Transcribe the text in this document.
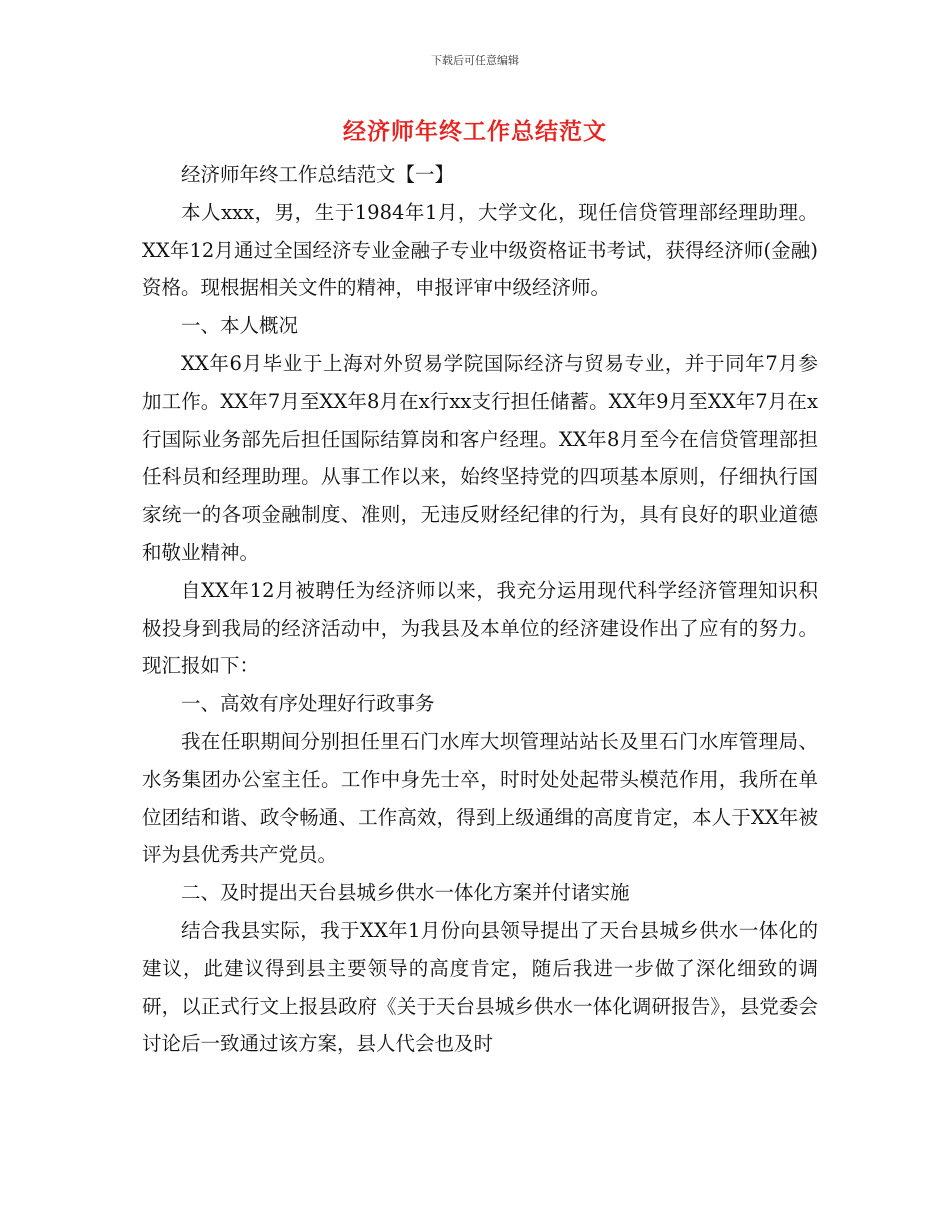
下载后可任意编辑
经济师年终工作总结范文

经济师年终工作总结范文【一】

本人xxx，男，生于1984年1月，大学文化，现任信贷管理部经理助理。XX年12月通过全国经济专业金融子专业中级资格证书考试，获得经济师(金融)资格。现根据相关文件的精神，申报评审中级经济师。

一、本人概况

XX年6月毕业于上海对外贸易学院国际经济与贸易专业，并于同年7月参加工作。XX年7月至XX年8月在x行xx支行担任储蓄。XX年9月至XX年7月在x行国际业务部先后担任国际结算岗和客户经理。XX年8月至今在信贷管理部担任科员和经理助理。从事工作以来，始终坚持党的四项基本原则，仔细执行国家统一的各项金融制度、准则，无违反财经纪律的行为，具有良好的职业道德和敬业精神。

自XX年12月被聘任为经济师以来，我充分运用现代科学经济管理知识积极投身到我局的经济活动中，为我县及本单位的经济建设作出了应有的努力。现汇报如下：

一、高效有序处理好行政事务

我在任职期间分别担任里石门水库大坝管理站站长及里石门水库管理局、水务集团办公室主任。工作中身先士卒，时时处处起带头模范作用，我所在单位团结和谐、政令畅通、工作高效，得到上级通缉的高度肯定，本人于XX年被评为县优秀共产党员。

二、及时提出天台县城乡供水一体化方案并付诸实施

结合我县实际，我于XX年1月份向县领导提出了天台县城乡供水一体化的建议，此建议得到县主要领导的高度肯定，随后我进一步做了深化细致的调研，以正式行文上报县政府《关于天台县城乡供水一体化调研报告》，县党委会讨论后一致通过该方案，县人代会也及时
